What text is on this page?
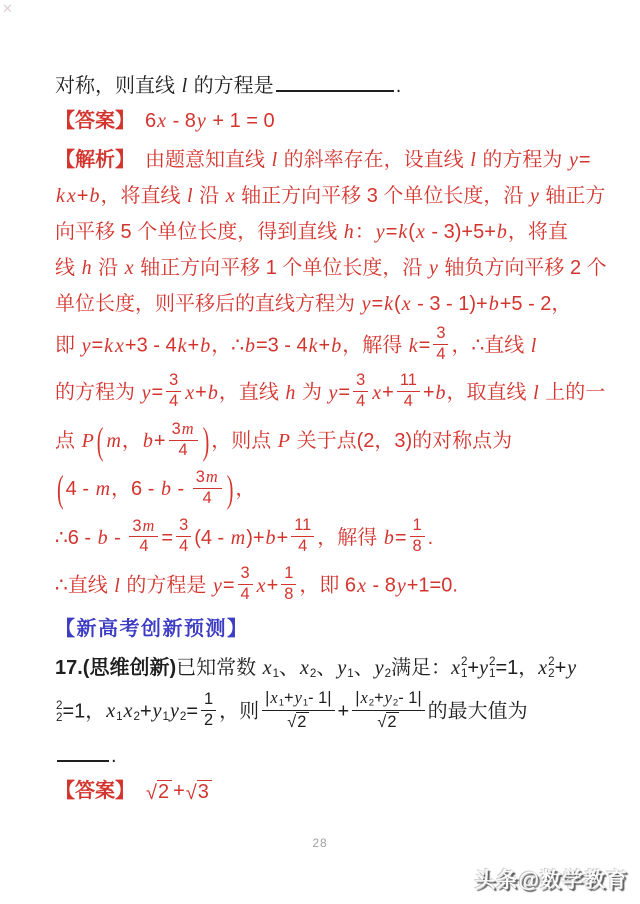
✕
对称，则直线 l 的方程是	.
【答案】　6x - 8y + 1 = 0
【解析】　由题意知直线 l 的斜率存在，设直线 l 的方程为 y=
k x+b，将直线 l 沿 x 轴正方向平移 3 个单位长度，沿 y 轴正方
向平移 5 个单位长度，得到直线 h：y=k(x - 3)+5+b，将直
线 h 沿 x 轴正方向平移 1 个单位长度，沿 y 轴负方向平移 2 个
单位长度，则平移后的直线方程为 y=k(x - 3 - 1)+b+5 - 2，
即 y=k x+3 - 4k+b，∴b=3 - 4k+b，解得 $k= \frac{3}{4}$ ，∴直线 l
的方程为 $y= \frac{3}{4} x+b$，直线 h 为 $y= \frac{3}{4} x+ \frac{11}{4} +b$，取直线 l 上的一
点 P ( m，$b+ \frac{3 m}{4}$ ) ，则点 P 关于点(2，3)的对称点为
( 4 - m，6 - b - $\frac{3 m}{4}$ ) ，
∴6 - $b - \frac{3 m}{4} = \frac{3}{4} (4 - m)+b+ \frac{11}{4}$ ，解得 $b= \frac{1}{8}$ .
∴直线 l 的方程是 $y= \frac{3}{4} x+ \frac{1}{8}$ ，即 6x - 8y+1=0.
【新高考创新预测】
17.(思维创新)已知常数 x1、x2、y1、y2满足： x 2
1 + y 2
1 =1， x 2
2 +y
2
2 =1，$x1x2+y1y2= \frac{1}{2}$ ，则 $\frac{| x1 + y1 - 1|}{√ 2} + \frac{| x2 + y2 - 1|}{√ 2}$ 的最大值为
.
【答案】　 √ 2 + √ 3
28
头条@数学教育
